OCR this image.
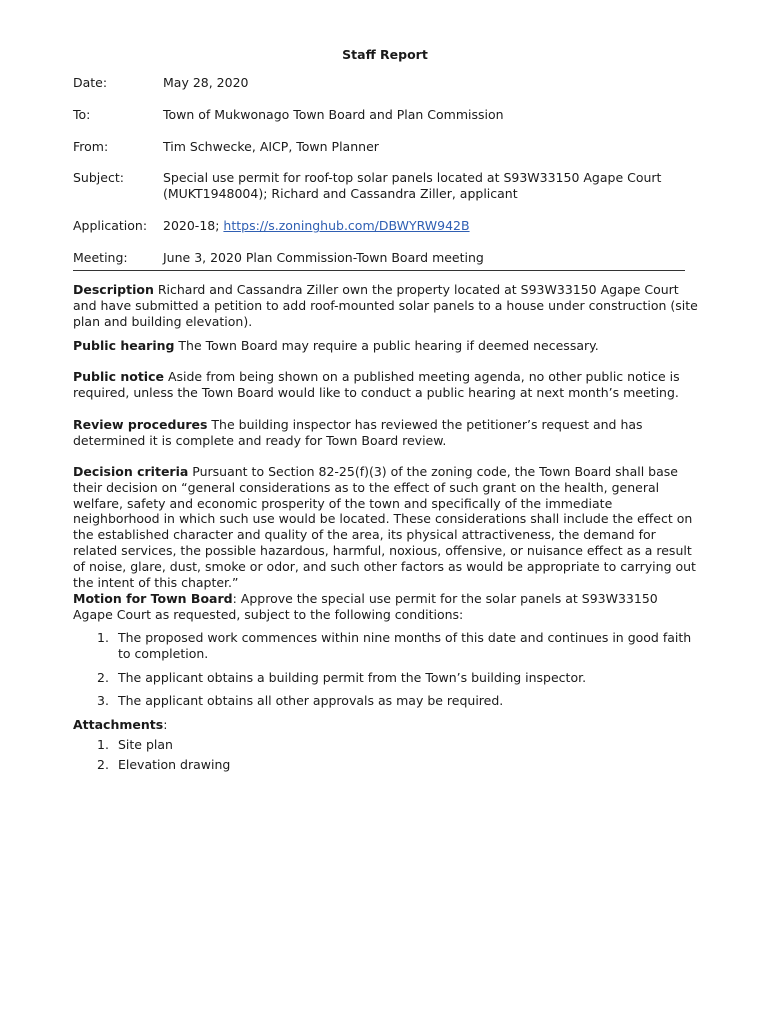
Staff Report
Date:	May 28, 2020
To:	Town of Mukwonago Town Board and Plan Commission
From:	Tim Schwecke, AICP, Town Planner
Subject:	Special use permit for roof-top solar panels located at S93W33150 Agape Court (MUKT1948004); Richard and Cassandra Ziller, applicant
Application: 2020-18; https://s.zoninghub.com/DBWYRW942B
Meeting:	June 3, 2020 Plan Commission-Town Board meeting
Description Richard and Cassandra Ziller own the property located at S93W33150 Agape Court and have submitted a petition to add roof-mounted solar panels to a house under construction (site plan and building elevation).
Public hearing The Town Board may require a public hearing if deemed necessary.
Public notice Aside from being shown on a published meeting agenda, no other public notice is required, unless the Town Board would like to conduct a public hearing at next month’s meeting.
Review procedures The building inspector has reviewed the petitioner’s request and has determined it is complete and ready for Town Board review.
Decision criteria Pursuant to Section 82-25(f)(3) of the zoning code, the Town Board shall base their decision on “general considerations as to the effect of such grant on the health, general welfare, safety and economic prosperity of the town and specifically of the immediate neighborhood in which such use would be located. These considerations shall include the effect on the established character and quality of the area, its physical attractiveness, the demand for related services, the possible hazardous, harmful, noxious, offensive, or nuisance effect as a result of noise, glare, dust, smoke or odor, and such other factors as would be appropriate to carrying out the intent of this chapter.”
Motion for Town Board: Approve the special use permit for the solar panels at S93W33150 Agape Court as requested, subject to the following conditions:
1. The proposed work commences within nine months of this date and continues in good faith to completion.
2. The applicant obtains a building permit from the Town’s building inspector.
3. The applicant obtains all other approvals as may be required.
Attachments:
1. Site plan
2. Elevation drawing
